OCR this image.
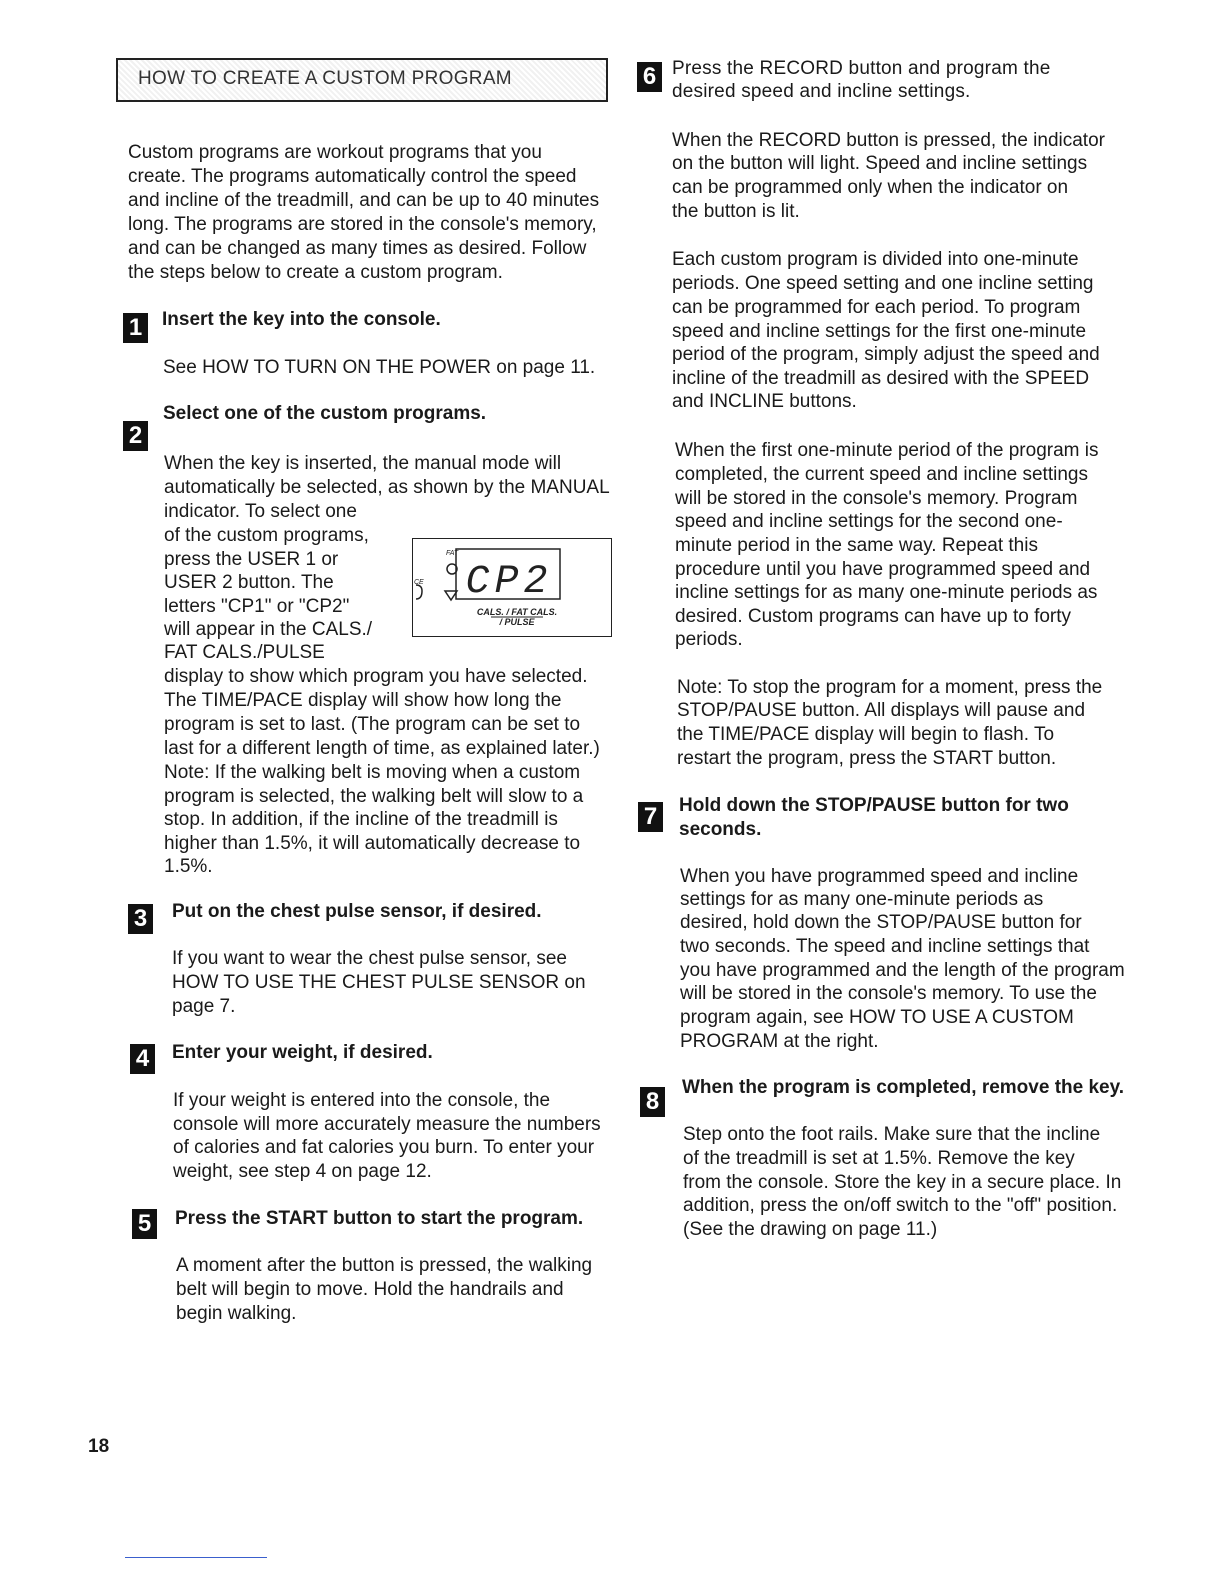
HOW TO CREATE A CUSTOM PROGRAM

Custom programs are workout programs that you

create. The programs automatically control the speed

and incline of the treadmill, and can be up to 40 minutes

long. The programs are stored in the console's memory,

and can be changed as many times as desired. Follow

the steps below to create a custom program.

1	Insert the key into the console.

See HOW TO TURN ON THE POWER on page 11.

2

Select one of the custom programs.

When the key is inserted, the manual mode will

automatically be selected, as shown by the MANUAL

indicator. To select one

of the custom programs,

press the USER 1 or

USER 2 button. The

letters "CP1" or "CP2"

will appear in the CALS./

FAT CALS./PULSE

display to show which program you have selected.

The TIME/PACE display will show how long the

program is set to last. (The program can be set to

last for a different length of time, as explained later.)

Note: If the walking belt is moving when a custom

program is selected, the walking belt will slow to a

stop. In addition, if the incline of the treadmill is

higher than 1.5%, it will automatically decrease to

1.5%.

FAT
CE CP2
CALS. / FAT CALS.
/ PULSE
3	Put on the chest pulse sensor, if desired.

If you want to wear the chest pulse sensor, see

HOW TO USE THE CHEST PULSE SENSOR on

page 7.

4	Enter your weight, if desired.

If your weight is entered into the console, the

console will more accurately measure the numbers

of calories and fat calories you burn. To enter your

weight, see step 4 on page 12.

5	Press the START button to start the program.

A moment after the button is pressed, the walking

belt will begin to move. Hold the handrails and

begin walking.

6 Press the RECORD button and program the

desired speed and incline settings.

When the RECORD button is pressed, the indicator

on the button will light. Speed and incline settings

can be programmed only when the indicator on

the button is lit.

Each custom program is divided into one-minute

periods. One speed setting and one incline setting

can be programmed for each period. To program

speed and incline settings for the first one-minute

period of the program, simply adjust the speed and

incline of the treadmill as desired with the SPEED

and INCLINE buttons.

When the first one-minute period of the program is

completed, the current speed and incline settings

will be stored in the console's memory. Program

speed and incline settings for the second one-

minute period in the same way. Repeat this

procedure until you have programmed speed and

incline settings for as many one-minute periods as

desired. Custom programs can have up to forty

periods.

Note: To stop the program for a moment, press the

STOP/PAUSE button. All displays will pause and

the TIME/PACE display will begin to flash. To

restart the program, press the START button.

7	Hold down the STOP/PAUSE button for two

seconds.

When you have programmed speed and incline

settings for as many one-minute periods as

desired, hold down the STOP/PAUSE button for

two seconds. The speed and incline settings that

you have programmed and the length of the program

will be stored in the console's memory. To use the

program again, see HOW TO USE A CUSTOM

PROGRAM at the right.

8

When the program is completed, remove the key.

Step onto the foot rails. Make sure that the incline

of the treadmill is set at 1.5%. Remove the key

from the console. Store the key in a secure place. In

addition, press the on/off switch to the "off" position.

(See the drawing on page 11.)

18
